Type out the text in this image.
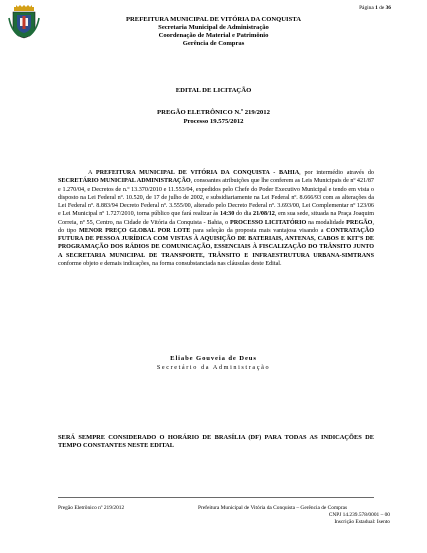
Página 1 de 36
PREFEITURA MUNICIPAL DE VITÓRIA DA CONQUISTA
Secretaria Municipal de Administração
Coordenação de Material e Patrimônio
Gerência de Compras
EDITAL DE LICITAÇÃO
PREGÃO ELETRÔNICO N.º 219/2012
Processo 19.575/2012
A PREFEITURA MUNICIPAL DE VITÓRIA DA CONQUISTA - BAHIA, por intermédio através do SECRETÁRIO MUNICIPAL ADMINISTRAÇÃO, consoantes atribuições que lhe conferem as Leis Municipais de nº 421/87 e 1.270/04, e Decretos de n.º 13.370/2010 e 11.553/04, expedidos pelo Chefe do Poder Executivo Municipal e tendo em vista o disposto na Lei Federal nº. 10.520, de 17 de julho de 2002, e subsidiariamente na Lei Federal nº. 8.666/93 com as alterações da Lei Federal nº. 8.883/94 Decreto Federal nº. 3.555/00, alterado pelo Decreto Federal nº. 3.693/00, Lei Complementar nº 123/06 e Lei Municipal nº 1.727/2010, torna público que fará realizar às 14:30 do dia 21/08/12, em sua sede, situada na Praça Joaquim Correia, nº 55, Centro, na Cidade de Vitória da Conquista - Bahia, o PROCESSO LICITATÓRIO na modalidade PREGÃO, do tipo MENOR PREÇO GLOBAL POR LOTE para seleção da proposta mais vantajosa visando a CONTRATAÇÃO FUTURA DE PESSOA JURÍDICA COM VISTAS À AQUISIÇÃO DE BATERIAIS, ANTENAS, CABOS E KIT'S DE PROGRAMAÇÃO DOS RÁDIOS DE COMUNICAÇÃO, ESSENCIAIS À FISCALIZAÇÃO DO TRÂNSITO JUNTO A SECRETARIA MUNICIPAL DE TRANSPORTE, TRÂNSITO E INFRAESTRUTURA URBANA-SIMTRANS conforme objeto e demais indicações, na forma consubstanciada nas cláusulas deste Edital.
Eliabe Gouveia de Deus
Secretário da Administração
SERÁ SEMPRE CONSIDERADO O HORÁRIO DE BRASÍLIA (DF) PARA TODAS AS INDICAÇÕES DE TEMPO CONSTANTES NESTE EDITAL
Pregão Eletrônico nº 219/2012	Prefeitura Municipal de Vitória da Conquista – Gerência de Compras
CNPJ 14.239.578/0001 – 00
Inscrição Estadual: Isento
